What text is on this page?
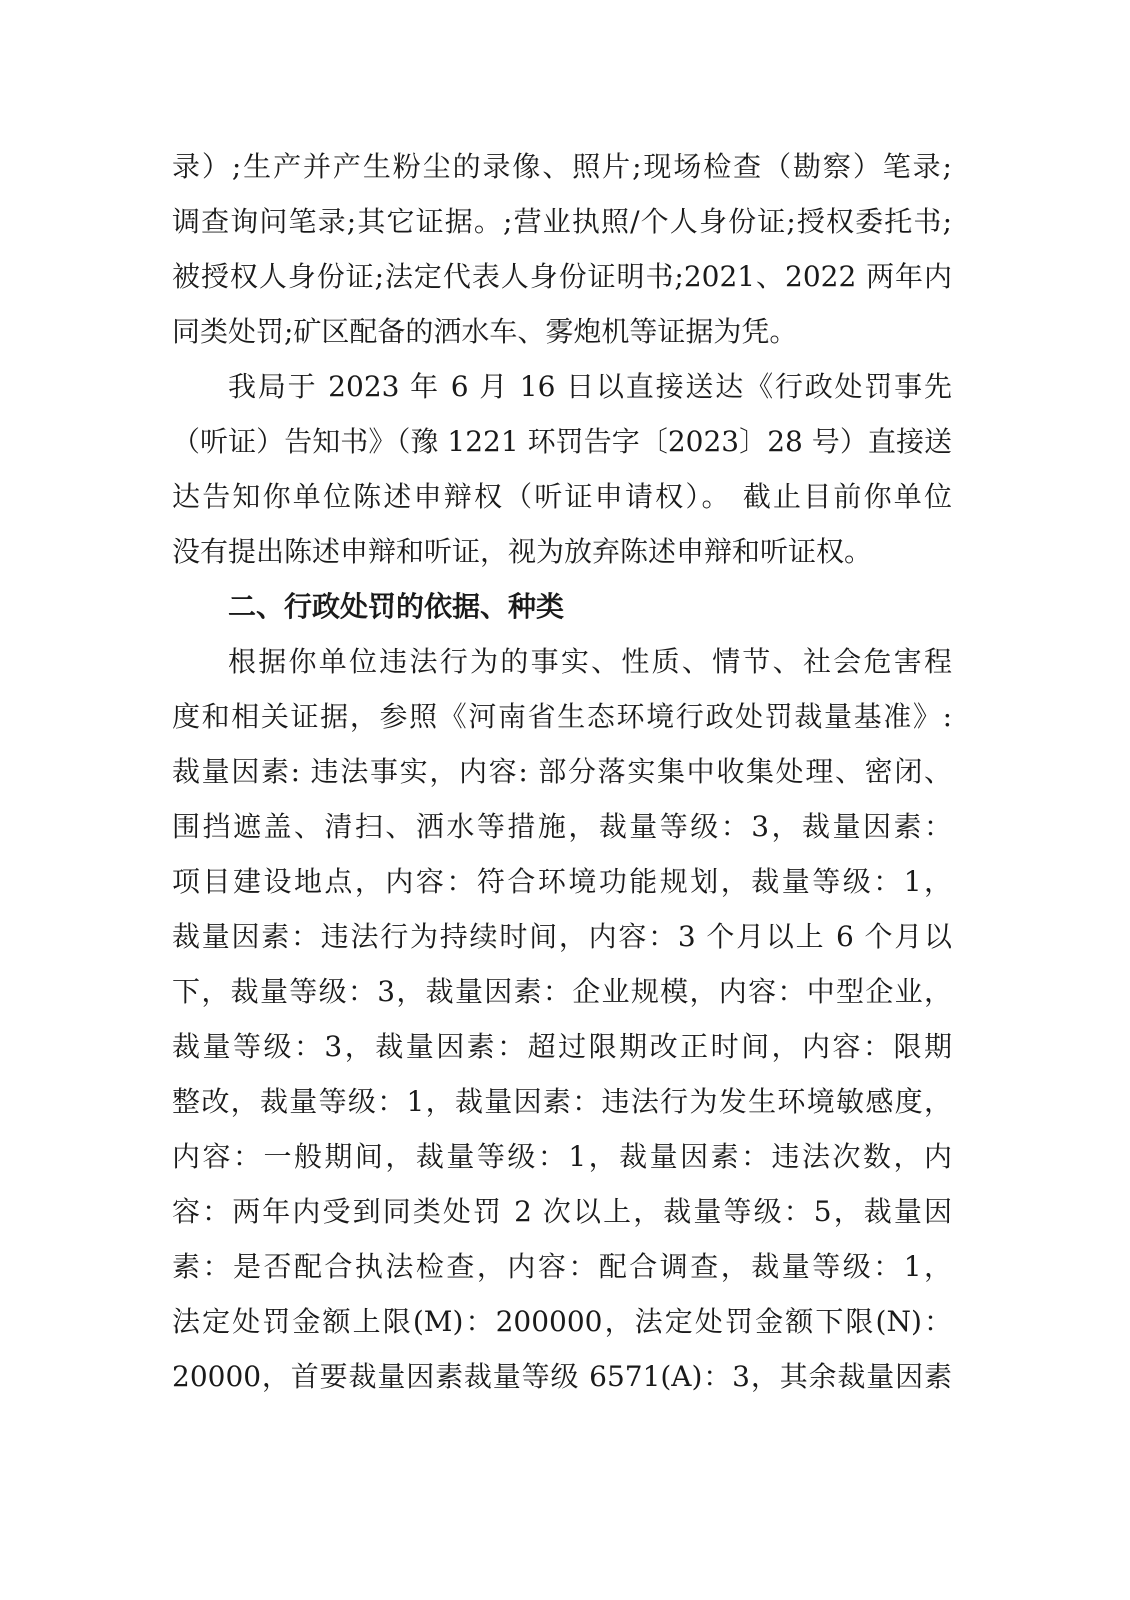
录）;生产并产生粉尘的录像、照片;现场检查（勘察）笔录;

调查询问笔录;其它证据。;营业执照/个人身份证;授权委托书;

被授权人身份证;法定代表人身份证明书;2021、2022 两年内

同类处罚;矿区配备的洒水车、雾炮机等证据为凭。

我局于 2023 年 6 月 16 日以直接送达《行政处罚事先

（听证）告知书》（豫 1221 环罚告字〔2023〕28 号）直接送

达告知你单位陈述申辩权（听证申请权）。 截止目前你单位

没有提出陈述申辩和听证，视为放弃陈述申辩和听证权。

二、行政处罚的依据、种类

根据你单位违法行为的事实、性质、情节、社会危害程

度和相关证据，参照《河南省生态环境行政处罚裁量基准》:

裁量因素: 违法事实，内容: 部分落实集中收集处理、密闭、

围挡遮盖、清扫、洒水等措施，裁量等级：3，裁量因素：

项目建设地点，内容：符合环境功能规划，裁量等级：1，

裁量因素：违法行为持续时间，内容：3 个月以上 6 个月以

下，裁量等级：3，裁量因素：企业规模，内容：中型企业，

裁量等级：3，裁量因素：超过限期改正时间，内容：限期

整改，裁量等级：1，裁量因素：违法行为发生环境敏感度，

内容：一般期间，裁量等级：1，裁量因素：违法次数，内

容：两年内受到同类处罚 2 次以上，裁量等级：5，裁量因

素：是否配合执法检查，内容：配合调查，裁量等级：1，

法定处罚金额上限(M)：200000，法定处罚金额下限(N)：

20000，首要裁量因素裁量等级 6571(A)：3，其余裁量因素
